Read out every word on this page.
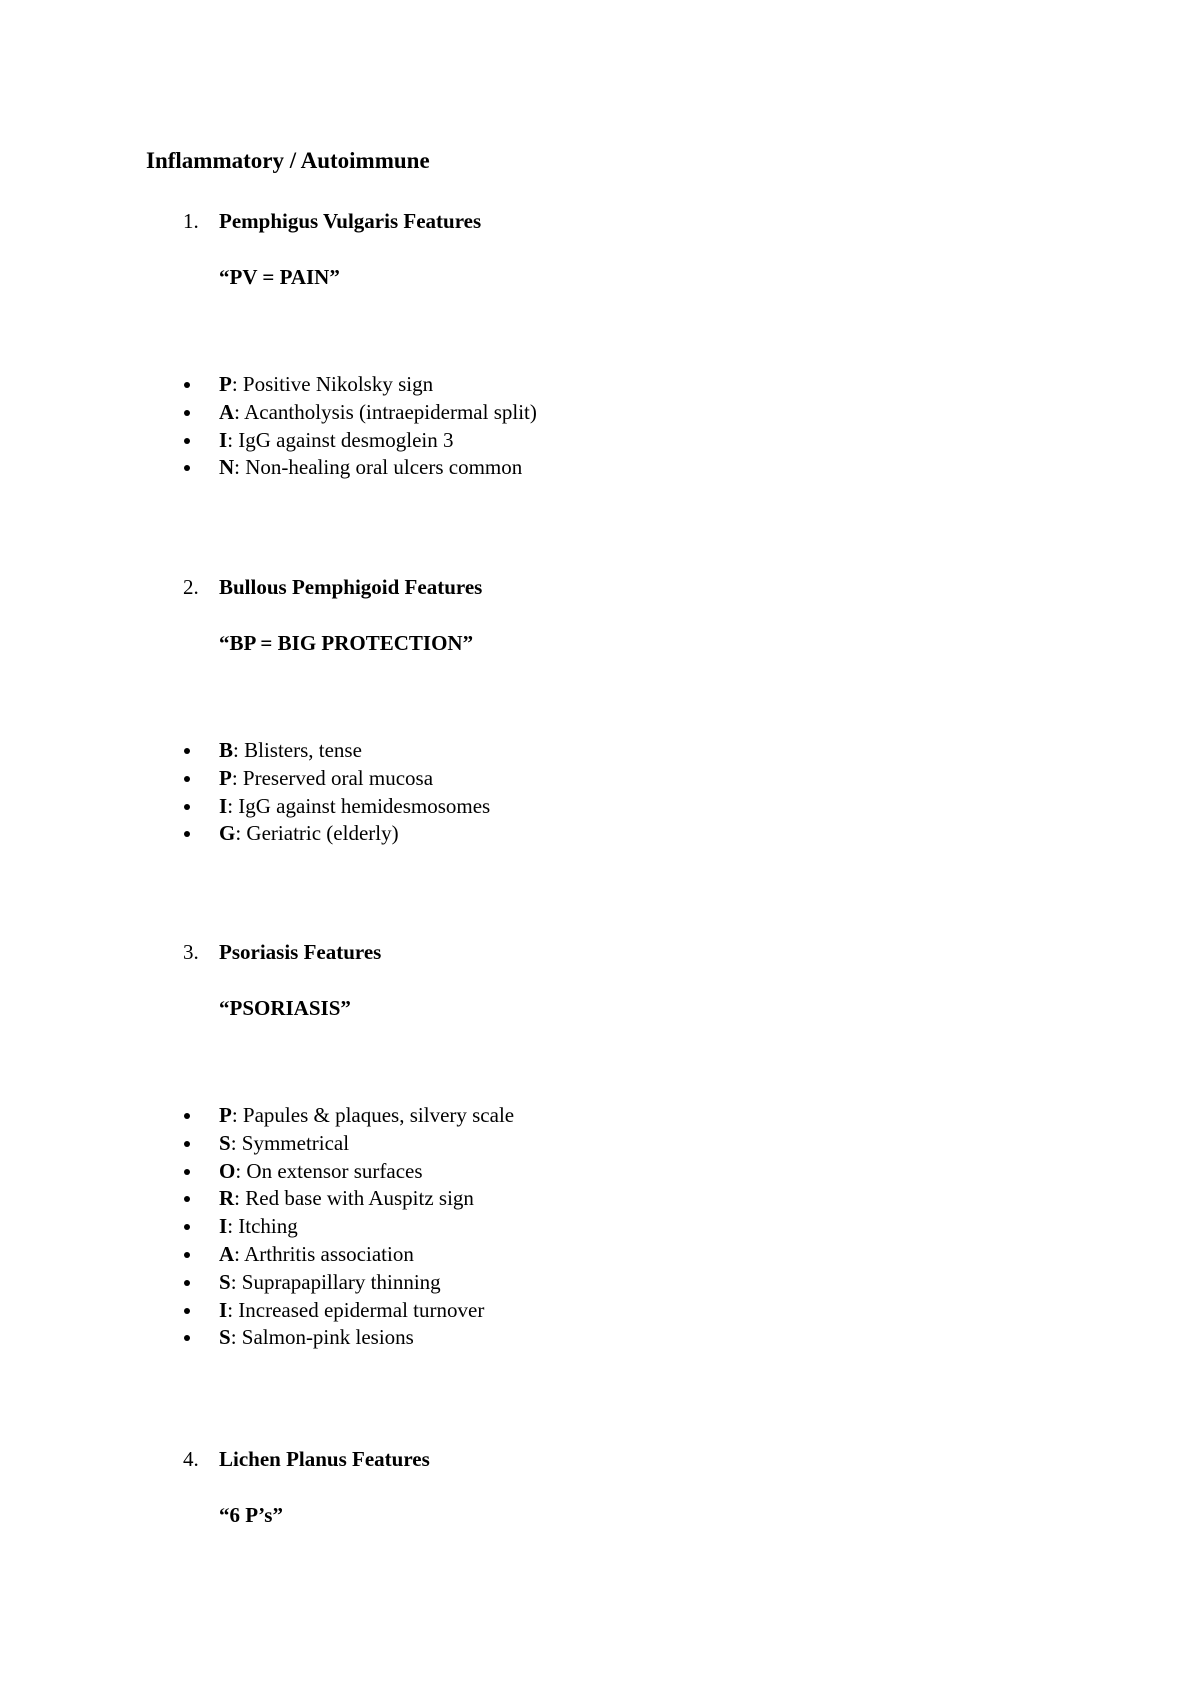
Inflammatory / Autoimmune
1. Pemphigus Vulgaris Features
“PV = PAIN”
P: Positive Nikolsky sign
A: Acantholysis (intraepidermal split)
I: IgG against desmoglein 3
N: Non-healing oral ulcers common
2. Bullous Pemphigoid Features
“BP = BIG PROTECTION”
B: Blisters, tense
P: Preserved oral mucosa
I: IgG against hemidesmosomes
G: Geriatric (elderly)
3. Psoriasis Features
“PSORIASIS”
P: Papules & plaques, silvery scale
S: Symmetrical
O: On extensor surfaces
R: Red base with Auspitz sign
I: Itching
A: Arthritis association
S: Suprapapillary thinning
I: Increased epidermal turnover
S: Salmon-pink lesions
4. Lichen Planus Features
“6 P’s”
